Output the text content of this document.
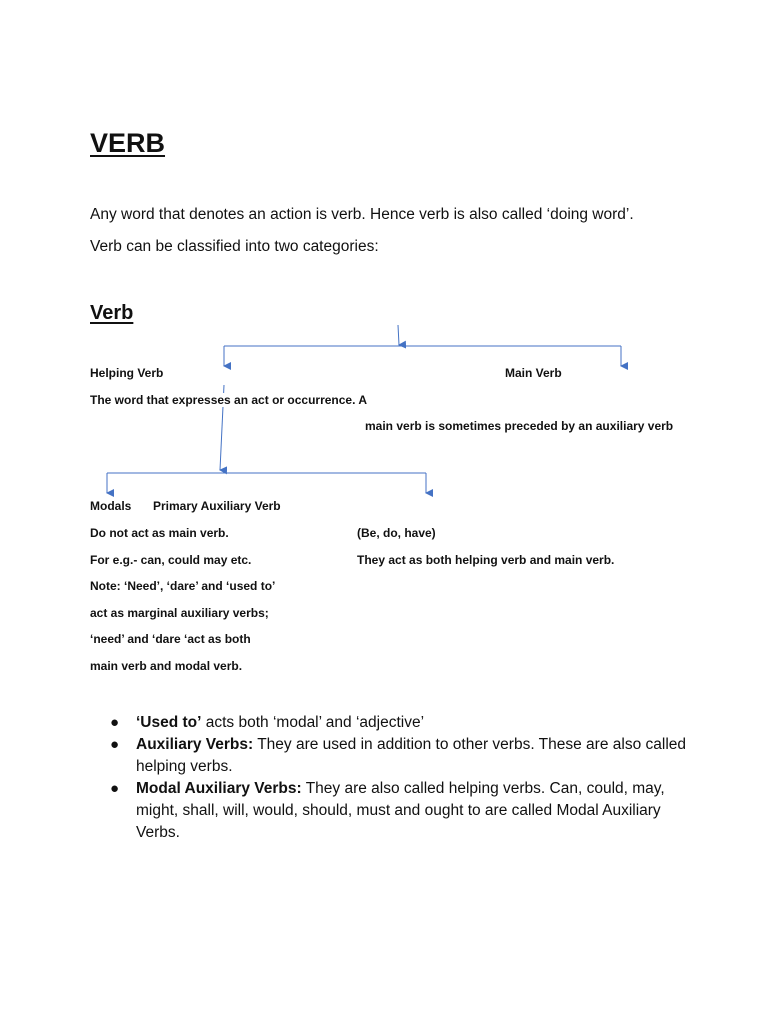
VERB

Any word that denotes an action is verb. Hence verb is also called ‘doing word’.

Verb can be classified into two categories:

Verb

Helping Verb	Main Verb

The word that expresses an act or occurrence. A

main verb is sometimes preceded by an auxiliary verb

Modals Primary Auxiliary Verb

Do not act as main verb.

For e.g.- can, could may etc.

Note: ‘Need’, ‘dare’ and ‘used to’

act as marginal auxiliary verbs;

‘need’ and ‘dare ‘act as both

main verb and modal verb.

(Be, do, have)

They act as both helping verb and main verb.

● ‘Used to’ acts both ‘modal’ and ‘adjective’
● Auxiliary Verbs: They are used in addition to other verbs. These are also called helping verbs.
● Modal Auxiliary Verbs: They are also called helping verbs. Can, could, may, might, shall, will, would, should, must and ought to are called Modal Auxiliary Verbs.
